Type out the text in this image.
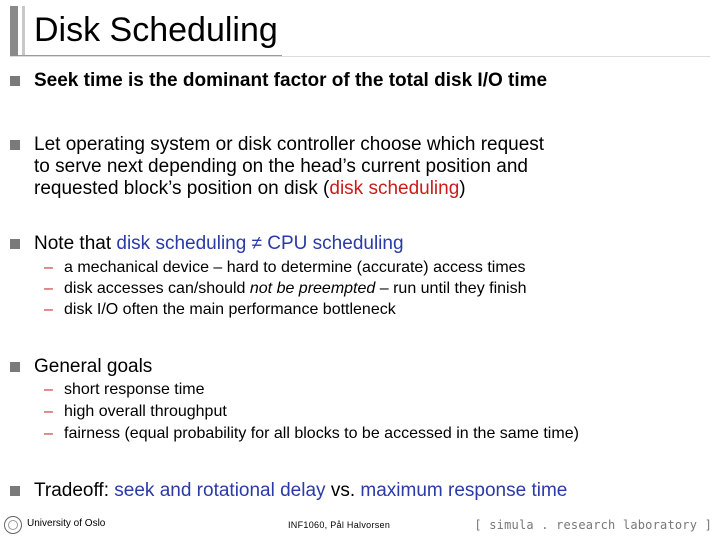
Disk Scheduling
Seek time is the dominant factor of the total disk I/O time
Let operating system or disk controller choose which request
to serve next depending on the head’s current position and
requested block’s position on disk (disk scheduling)
Note that disk scheduling ≠ CPU scheduling
– a mechanical device – hard to determine (accurate) access times
– disk accesses can/should not be preempted – run until they finish
– disk I/O often the main performance bottleneck
General goals
– short response time
– high overall throughput
– fairness (equal probability for all blocks to be accessed in the same time)
Tradeoff: seek and rotational delay vs. maximum response time
University of Oslo	INF1060, Pål Halvorsen	[ simula . research laboratory ]
